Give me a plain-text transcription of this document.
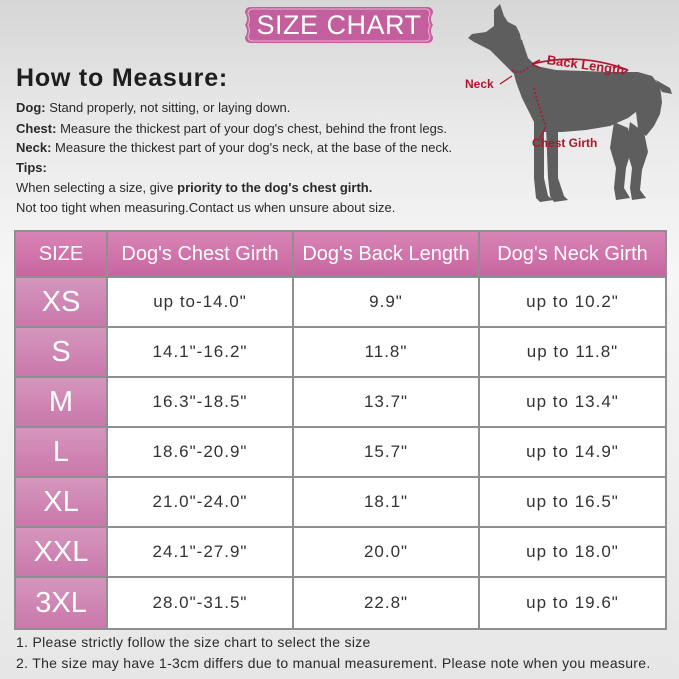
SIZE CHART
How to Measure:
Dog: Stand properly, not sitting, or laying down.
Chest: Measure the thickest part of your dog's chest, behind the front legs.
Neck: Measure the thickest part of your dog's neck, at the base of the neck.
Tips:
When selecting a size, give priority to the dog's chest girth.
Not too tight when measuring.Contact us when unsure about size.
Neck
Back Length
Chest Girth
SIZE	Dog's Chest Girth	Dog's Back Length	Dog's Neck Girth
XS	up to-14.0"	9.9"	up to 10.2"
S	14.1"-16.2"	11.8"	up to 11.8"
M	16.3"-18.5"	13.7"	up to 13.4"
L	18.6"-20.9"	15.7"	up to 14.9"
XL	21.0"-24.0"	18.1"	up to 16.5"
XXL	24.1"-27.9"	20.0"	up to 18.0"
3XL	28.0"-31.5"	22.8"	up to 19.6"
1. Please strictly follow the size chart to select the size
2. The size may have 1-3cm differs due to manual measurement. Please note when you measure.
